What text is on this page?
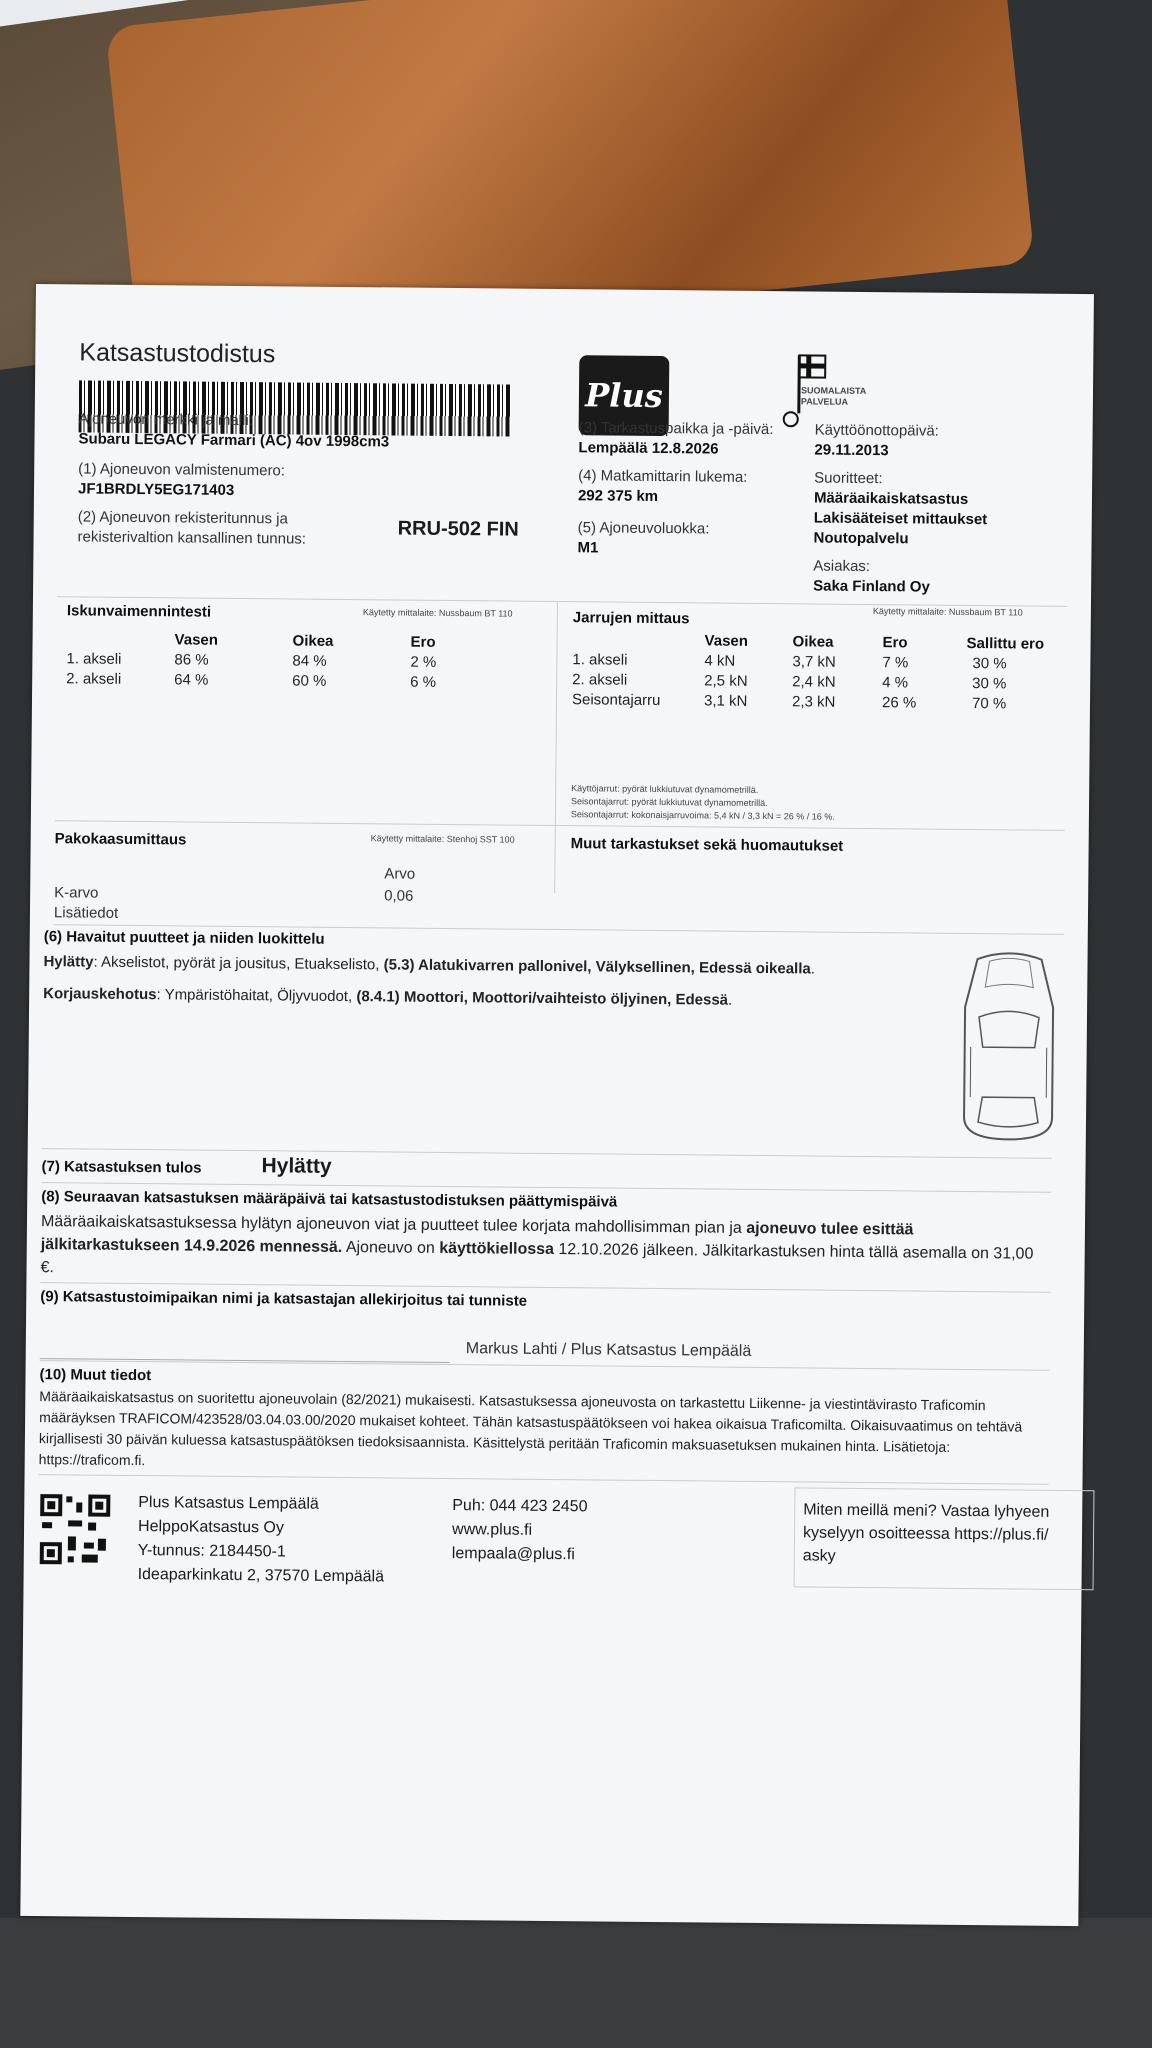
Katsastustodistus
Plus	SUOMALAISTA PALVELUA
Ajoneuvon merkki ja malli:
Subaru LEGACY Farmari (AC) 4ov 1998cm3
(1) Ajoneuvon valmistenumero:
JF1BRDLY5EG171403
(2) Ajoneuvon rekisteritunnus ja
rekisterivaltion kansallinen tunnus:	RRU-502 FIN
(3) Tarkastuspaikka ja -päivä:
Lempäälä 12.8.2026
(4) Matkamittarin lukema:
292 375 km
(5) Ajoneuvoluokka:
M1
Käyttöönottopäivä:
29.11.2013
Suoritteet:
Määräaikaiskatsastus
Lakisääteiset mittaukset
Noutopalvelu
Asiakas:
Saka Finland Oy
Iskunvaimennintesti	Käytetty mittalaite: Nussbaum BT 110
Vasen	Oikea	Ero
1. akseli	86 %	84 %	2 %
2. akseli	64 %	60 %	6 %
Jarrujen mittaus	Käytetty mittalaite: Nussbaum BT 110
Vasen	Oikea	Ero	Sallittu ero
1. akseli	4 kN	3,7 kN	7 %	30 %
2. akseli	2,5 kN	2,4 kN	4 %	30 %
Seisontajarru	3,1 kN	2,3 kN	26 %	70 %
Käyttöjarrut: pyörät lukkiutuvat dynamometrillä.
Seisontajarrut: pyörät lukkiutuvat dynamometrillä.
Seisontajarrut: kokonaisjarruvoima: 5,4 kN / 3,3 kN = 26 % / 16 %.
Pakokaasumittaus	Käytetty mittalaite: Stenhoj SST 100
Arvo
K-arvo	0,06
Lisätiedot
Muut tarkastukset sekä huomautukset
(6) Havaitut puutteet ja niiden luokittelu

Hylätty: Akselistot, pyörät ja jousitus, Etuakselisto, (5.3) Alatukivarren pallonivel, Välyksellinen, Edessä oikealla.

Korjauskehotus: Ympäristöhaitat, Öljyvuodot, (8.4.1) Moottori, Moottori/vaihteisto öljyinen, Edessä.

(7) Katsastuksen tulos	Hylätty
(8) Seuraavan katsastuksen määräpäivä tai katsastustodistuksen päättymispäivä

Määräaikaiskatsastuksessa hylätyn ajoneuvon viat ja puutteet tulee korjata mahdollisimman pian ja ajoneuvo tulee esittää jälkitarkastukseen 14.9.2026 mennessä. Ajoneuvo on käyttökiellossa 12.10.2026 jälkeen. Jälkitarkastuksen hinta tällä asemalla on 31,00 €.

(9) Katsastustoimipaikan nimi ja katsastajan allekirjoitus tai tunniste
Markus Lahti / Plus Katsastus Lempäälä
(10) Muut tiedot

Määräaikaiskatsastus on suoritettu ajoneuvolain (82/2021) mukaisesti. Katsastuksessa ajoneuvosta on tarkastettu Liikenne- ja viestintävirasto Traficomin määräyksen TRAFICOM/423528/03.04.03.00/2020 mukaiset kohteet. Tähän katsastuspäätökseen voi hakea oikaisua Traficomilta. Oikaisuvaatimus on tehtävä kirjallisesti 30 päivän kuluessa katsastuspäätöksen tiedoksisaannista. Käsittelystä peritään Traficomin maksuasetuksen mukainen hinta. Lisätietoja: https://traficom.fi.

Plus Katsastus Lempäälä
HelppoKatsastus Oy
Y-tunnus: 2184450-1
Ideaparkinkatu 2, 37570 Lempäälä
Puh: 044 423 2450
www.plus.fi
lempaala@plus.fi
Miten meillä meni? Vastaa lyhyeen kyselyyn osoitteessa https://plus.fi/ asky
